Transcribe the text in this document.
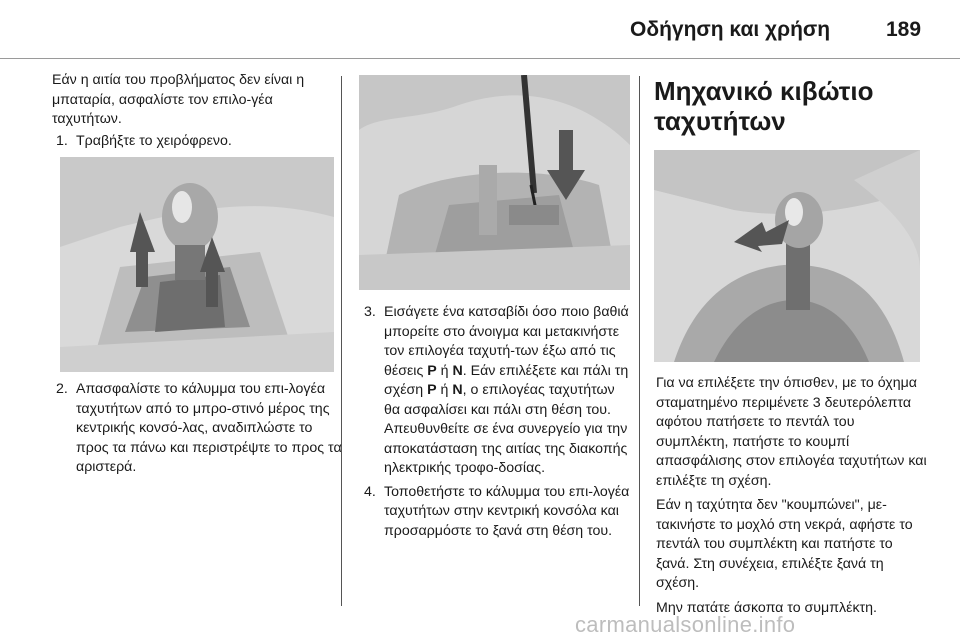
Οδήγηση και χρήση	189

Εάν η αιτία του προβλήματος δεν είναι η μπαταρία, ασφαλίστε τον επιλο-γέα ταχυτήτων.

1. Τραβήξτε το χειρόφρενο.

2. Απασφαλίστε το κάλυμμα του επι-λογέα ταχυτήτων από το μπρο-στινό μέρος της κεντρικής κονσό-λας, αναδιπλώστε το προς τα πάνω και περιστρέψτε το προς τα αριστερά.

3. Εισάγετε ένα κατσαβίδι όσο ποιο βαθιά μπορείτε στο άνοιγμα και μετακινήστε τον επιλογέα ταχυτή-των έξω από τις θέσεις P ή N. Εάν επιλέξετε και πάλι τη σχέση P ή N, ο επιλογέας ταχυτήτων θα ασφαλίσει και πάλι στη θέση του. Απευθυνθείτε σε ένα συνεργείο για την αποκατάσταση της αιτίας της διακοπής ηλεκτρικής τροφο-δοσίας.

4. Τοποθετήστε το κάλυμμα του επι-λογέα ταχυτήτων στην κεντρική κονσόλα και προσαρμόστε το ξανά στη θέση του.

Μηχανικό κιβώτιο ταχυτήτων

Για να επιλέξετε την όπισθεν, με το όχημα σταματημένο περιμένετε 3 δευτερόλεπτα αφότου πατήσετε το πεντάλ του συμπλέκτη, πατήστε το κουμπί απασφάλισης στον επιλογέα ταχυτήτων και επιλέξτε τη σχέση.

Εάν η ταχύτητα δεν "κουμπώνει", με-τακινήστε το μοχλό στη νεκρά, αφήστε το πεντάλ του συμπλέκτη και πατήστε το ξανά. Στη συνέχεια, επιλέξτε ξανά τη σχέση.

Μην πατάτε άσκοπα το συμπλέκτη.

carmanualsonline.info
